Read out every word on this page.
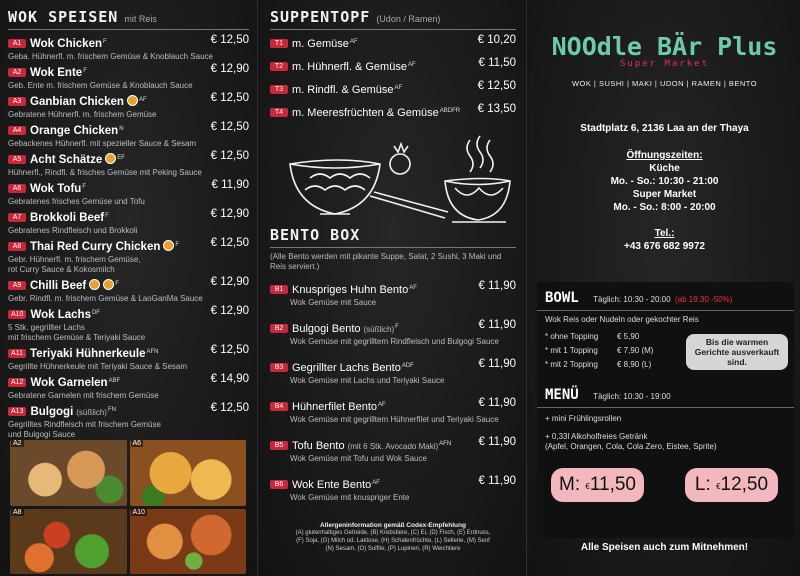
WOK SPEISEN mit Reis
A1 Wok Chicken$^F$	€ 12,50
Geba. Hühnerfl. m. frischem Gemüse & Knoblauch Sauce
A2 Wok Ente$^F$	€ 12,90
Geb. Ente m. frischem Gemüse & Knoblauch Sauce
A3 Ganbian Chicken	$^{AF}$	€ 12,50
Gebratene Hühnerfl. m. frischem Gemüse
A4 Orange Chicken$^N$	€ 12,50
Gebackenes Hühnerfl. mit spezieller Sauce & Sesam
A5 Acht Schätze	$^{EF}$	€ 12,50
Hühnerfl., Rindfl. & frisches Gemüse mit Peking Sauce
A6 Wok Tofu$^F$	€ 11,90
Gebratenes frisches Gemüse und Tofu
A7 Brokkoli Beef$^F$	€ 12,90
Gebratenes Rindfleisch und Brokkoli
A8 Thai Red Curry Chicken	$^F$	€ 12,50
Gebr. Hühnerfl. m. frischem Gemüse,
rot Curry Sauce & Kokosmilch
A9 Chilli Beef	$^F$	€ 12,90
Gebr. Rindfl. m. frischem Gemüse & LaoGanMa Sauce
A10 Wok Lachs$^{DF}$	€ 12,90
5 Stk. gegrillter Lachs
mit frischem Gemüse & Teriyaki Sauce
A11 Teriyaki Hühnerkeule$^{AFN}$	€ 12,50
Gegrillte Hühnerkeule mit Teriyaki Sauce & Sesam
A12 Wok Garnelen$^{ABF}$	€ 14,90
Gebratene Garnelen mit frischem Gemüse
A13 Bulgogi (süßlich)$^{FN}$	€ 12,50
Gegrilltes Rindfleisch mit frischem Gemüse
und Bulgogi Sauce
A2	A6
A8	A10
SUPPENTOPF (Udon / Ramen)
T1 m. Gemüse$^{AF}$	€ 10,20
T2 m. Hühnerfl. & Gemüse$^{AF}$	€ 11,50
T3 m. Rindfl. & Gemüse$^{AF}$	€ 12,50
T4 m. Meeresfrüchten & Gemüse$^{ABDFR}$ € 13,50
BENTO BOX
(Alle Bento werden mit pikante Suppe, Salat, 2 Sushi, 3 Maki und Reis serviert.)
B1 Knuspriges Huhn Bento$^{AF}$	€ 11,90
Wok Gemüse mit Sauce
B2 Bulgogi Bento (süßlich)$^F$	€ 11,90
Wok Gemüse mit gegrilltem Rindfleisch und Bulgogi Sauce
B3 Gegrillter Lachs Bento$^{ADF}$	€ 11,90
Wok Gemüse mit Lachs und Teriyaki Sauce
B4 Hühnerfilet Bento$^{AF}$	€ 11,90
Wok Gemüse mit gegrilltem Hühnerfilet und Teriyaki Sauce
B5 Tofu Bento (mit 6 Stk. Avocado Maki)$^{AFN}$ € 11,90
Wok Gemüse mit Tofu und Wok Sauce
B6 Wok Ente Bento$^{AF}$	€ 11,90
Wok Gemüse mit knuspriger Ente
Allergeninformation gemäß Codex-Empfehlung
(A) glutenhaltiges Getreide, (B) Krebstiere, (C) Ei, (D) Fisch, (E) Erdnuss,
(F) Soja, (G) Milch od. Laktose, (H) Schalenfrüchte, (L) Sellerie, (M) Senf
(N) Sesam, (O) Sulfite, (P) Lupinen, (R) Weichtiere
NOOdle BÄr Plus
Super Market
WOK | SUSHI | MAKI | UDON | RAMEN | BENTO
Stadtplatz 6, 2136 Laa an der Thaya
Öffnungszeiten:
Küche
Mo. - So.: 10:30 - 21:00
Super Market
Mo. - So.: 8:00 - 20:00
Tel.:
+43 676 682 9972
BOWL Täglich: 10:30 - 20:00 (ab 19:30 -50%)
Wok Reis oder Nudeln oder gekochter Reis
* ohne Topping € 5,90
* mit 1 Topping € 7,90 (M)
* mit 2 Topping € 8,90 (L)
Bis die warmen Gerichte ausverkauft sind.
MENÜ Täglich: 10:30 - 19:00
+ mini Frühlingsrollen
+ 0,33l Alkoholfreies Getränk
(Apfel, Orangen, Cola, Cola Zero, Eistee, Sprite)
M: €11,50	L: €12,50
Alle Speisen auch zum Mitnehmen!
